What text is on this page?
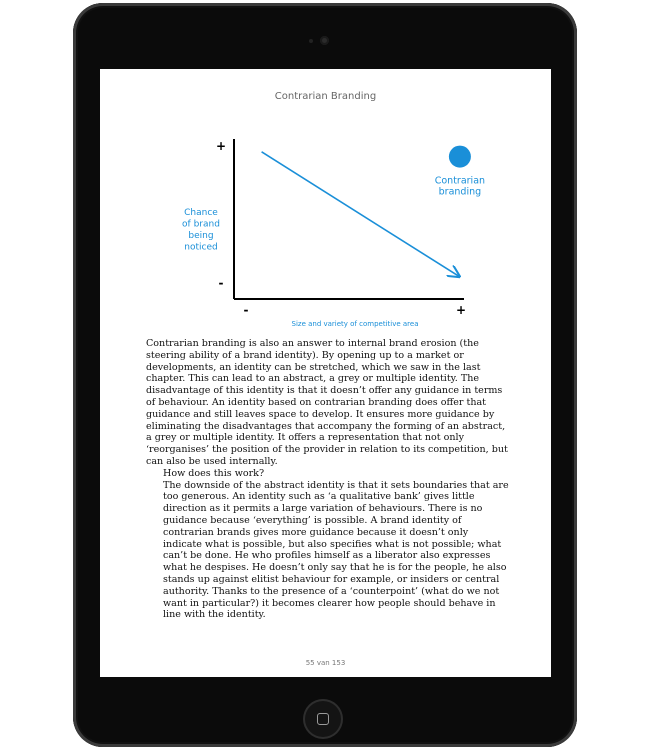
Contrarian Branding
+
-
-	+
Size and variety of competitive area
Chance
of brand
being
noticed
Contrarian
branding

Contrarian branding is also an answer to internal brand erosion (the steering ability of a brand identity). By opening up to a market or developments, an identity can be stretched, which we saw in the last chapter. This can lead to an abstract, a grey or multiple identity. The disadvantage of this identity is that it doesn’t offer any guidance in terms of behaviour. An identity based on contrarian branding does offer that guidance and still leaves space to develop. It ensures more guidance by eliminating the disadvantages that accompany the forming of an abstract, a grey or multiple identity. It offers a representation that not only ‘reorganises’ the position of the provider in relation to its competition, but can also be used internally.

How does this work?

The downside of the abstract identity is that it sets boundaries that are too generous. An identity such as ‘a qualitative bank’ gives little direction as it permits a large variation of behaviours. There is no guidance because ‘everything’ is possible. A brand identity of contrarian brands gives more guidance because it doesn’t only indicate what is possible, but also specifies what is not possible; what can’t be done. He who profiles himself as a liberator also expresses what he despises. He doesn’t only say that he is for the people, he also stands up against elitist behaviour for example, or insiders or central authority. Thanks to the presence of a ‘counterpoint’ (what do we not want in particular?) it becomes clearer how people should behave in line with the identity.

55 van 153
